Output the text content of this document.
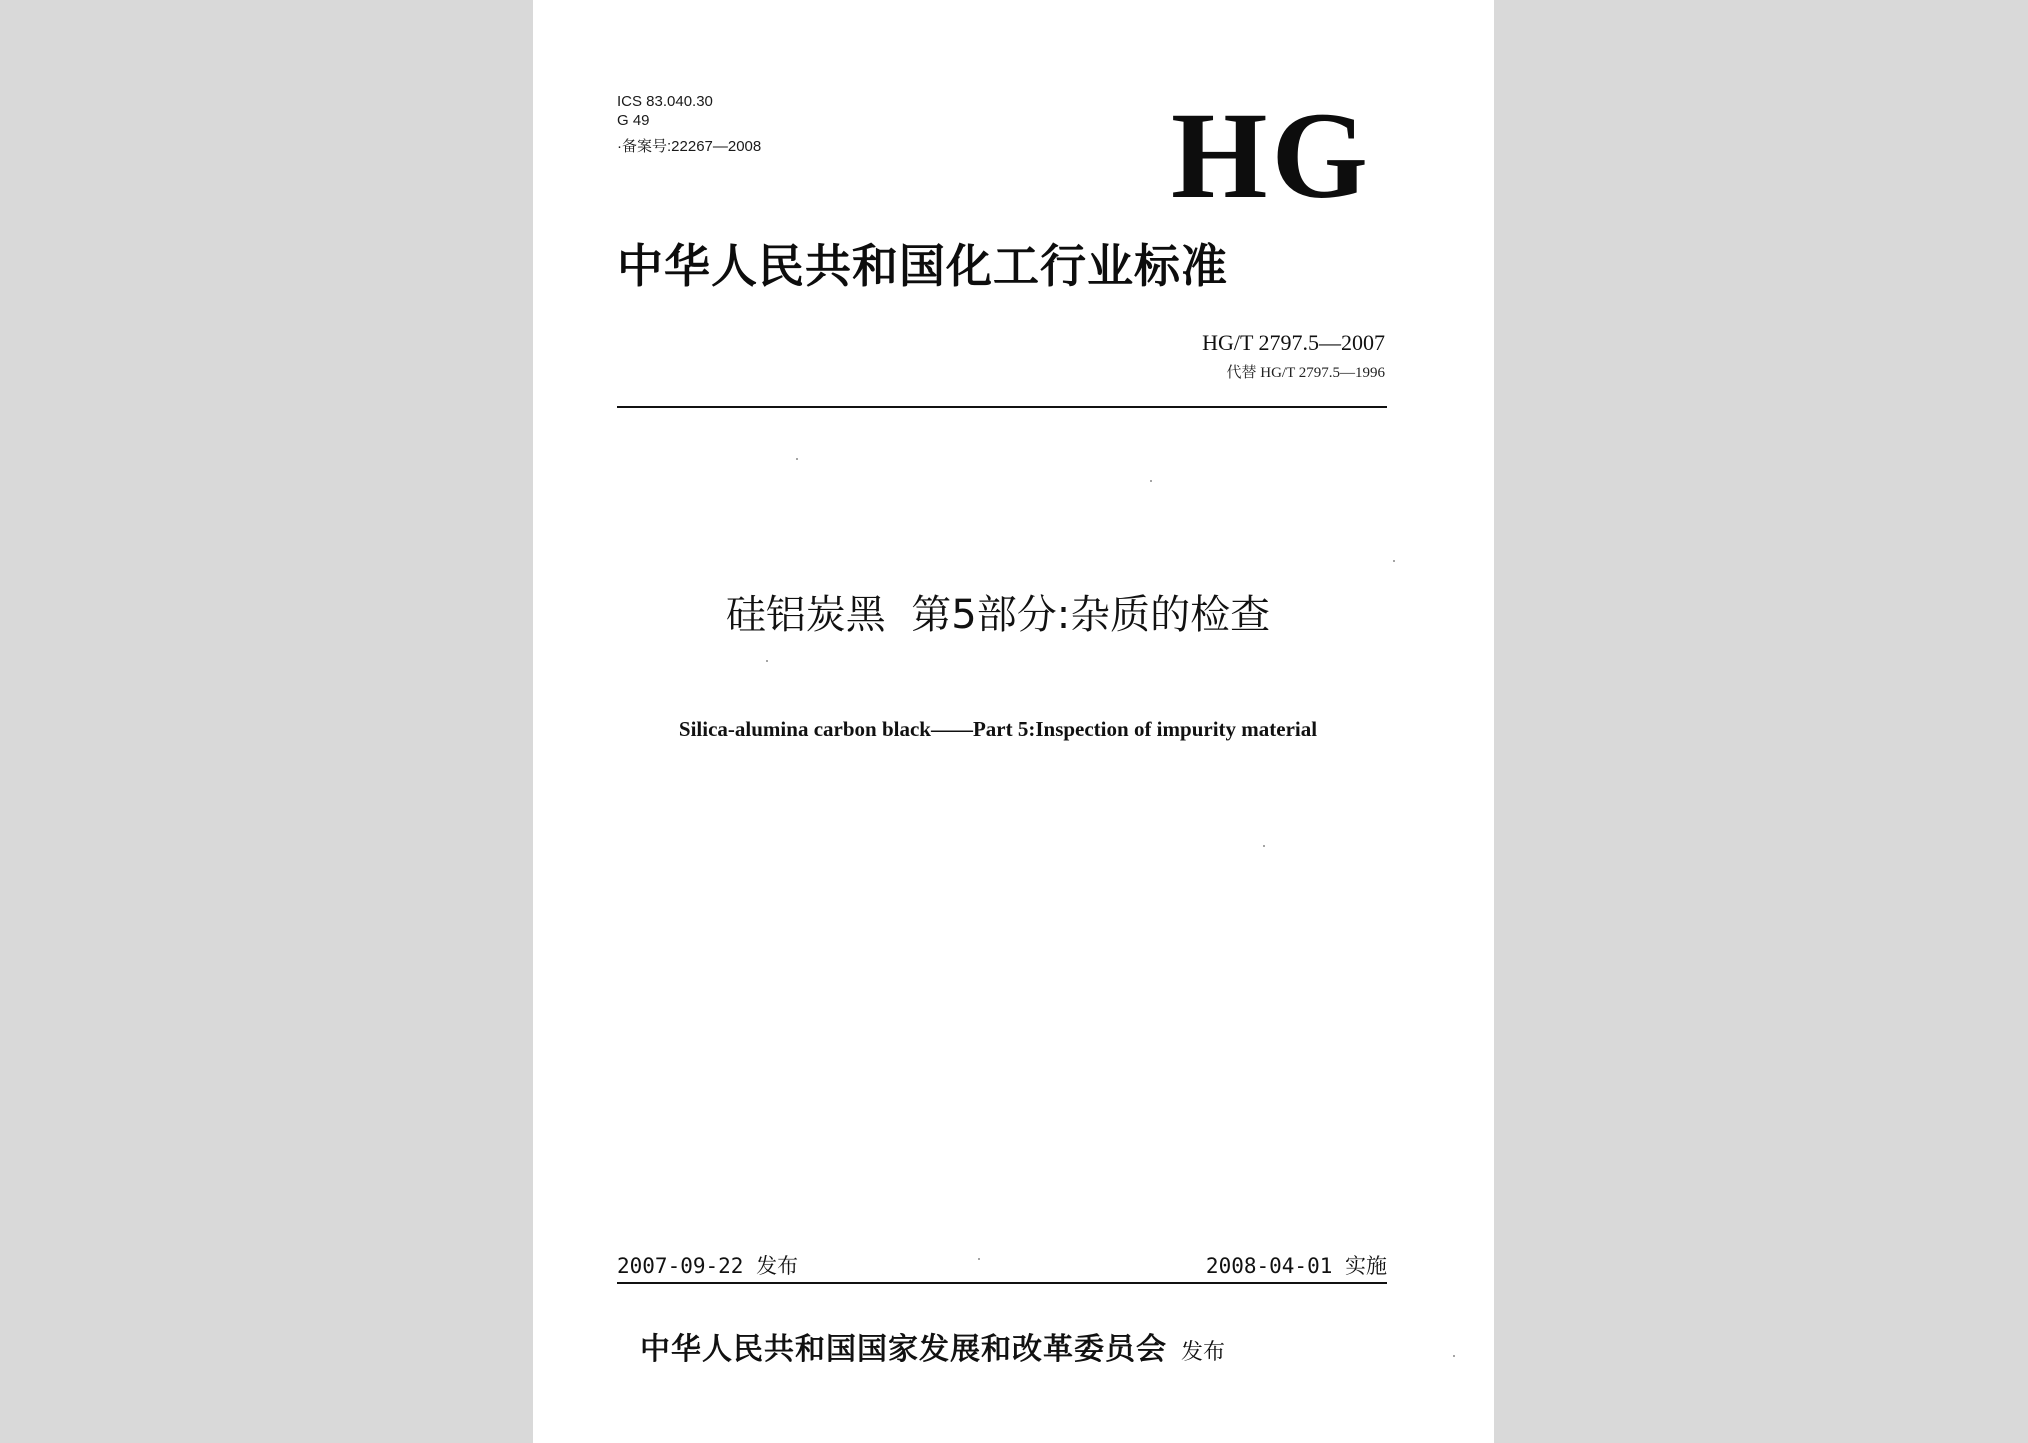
ICS 83.040.30
G 49
·备案号:22267—2008	HG
中华人民共和国化工行业标准
HG/T 2797.5—2007
代替 HG/T 2797.5—1996
硅铝炭黑  第5部分:杂质的检查
Silica-alumina carbon black——Part 5:Inspection of impurity material
2007-09-22 发布	2008-04-01 实施
中华人民共和国国家发展和改革委员会 发布
